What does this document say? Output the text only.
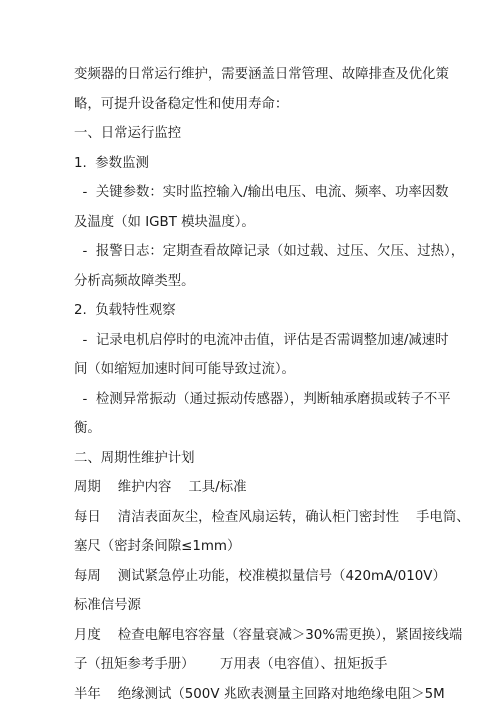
变频器的日常运行维护，需要涵盖日常管理、故障排查及优化策
略，可提升设备稳定性和使用寿命：
一、日常运行监控
1.  参数监测
-  关键参数：实时监控输入/输出电压、电流、频率、功率因数
及温度（如 IGBT 模块温度）。
-  报警日志：定期查看故障记录（如过载、过压、欠压、过热），
分析高频故障类型。
2.  负载特性观察
-  记录电机启停时的电流冲击值，评估是否需调整加速/减速时
间（如缩短加速时间可能导致过流）。
-  检测异常振动（通过振动传感器），判断轴承磨损或转子不平
衡。
二、周期性维护计划
周期    维护内容    工具/标准
每日    清洁表面灰尘，检查风扇运转，确认柜门密封性    手电筒、
塞尺（密封条间隙≤1mm）
每周    测试紧急停止功能，校准模拟量信号（420mA/010V）
标准信号源
月度    检查电解电容容量（容量衰减＞30%需更换），紧固接线端
子（扭矩参考手册）      万用表（电容值）、扭矩扳手
半年    绝缘测试（500V 兆欧表测量主回路对地绝缘电阻＞5M
